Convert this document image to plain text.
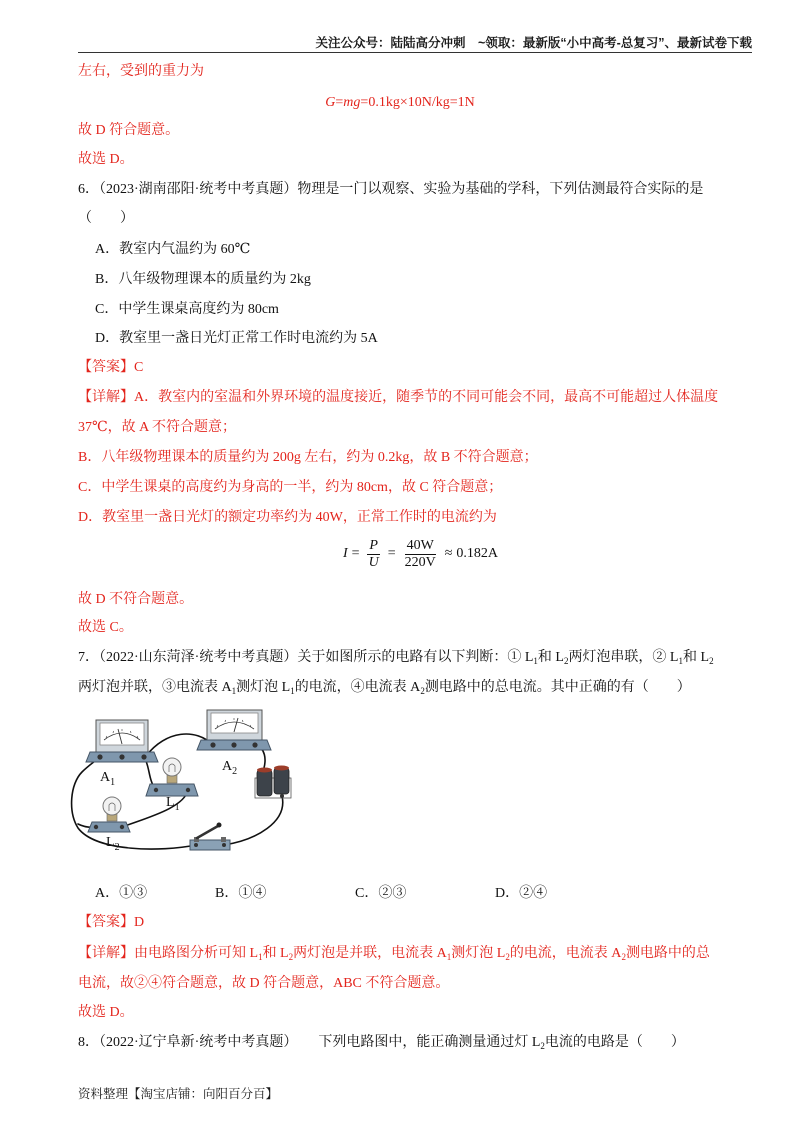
关注公众号：陆陆高分冲刺　~领取：最新版“小中高考-总复习”、最新试卷下载
左右，受到的重力为
G=mg=0.1kg×10N/kg=1N
故 D 符合题意。
故选 D。
6．（2023·湖南邵阳·统考中考真题）物理是一门以观察、实验为基础的学科，下列估测最符合实际的是
（　　）
A．教室内气温约为 60℃
B．八年级物理课本的质量约为 2kg
C．中学生课桌高度约为 80cm
D．教室里一盏日光灯正常工作时电流约为 5A
【答案】C
【详解】A．教室内的室温和外界环境的温度接近，随季节的不同可能会不同，最高不可能超过人体温度
37℃，故 A 不符合题意；
B．八年级物理课本的质量约为 200g 左右，约为 0.2kg，故 B 不符合题意；
C．中学生课桌的高度约为身高的一半，约为 80cm，故 C 符合题意；
D．教室里一盏日光灯的额定功率约为 40W，正常工作时的电流约为
$I = \frac{P}{U} = \frac{40W}{220V} \approx 0.182A$
故 D 不符合题意。
故选 C。
7．（2022·山东菏泽·统考中考真题）关于如图所示的电路有以下判断：① $L_1$和 $L_2$两灯泡串联，② $L_1$和 $L_2$
两灯泡并联，③电流表 $A_1$测灯泡 $L_1$的电流，④电流表 $A_2$测电路中的总电流。其中正确的有（　　）
$A_1$
$A_2$
$L_1$
$L_2$
A．①③	B．①④	C．②③	D．②④
【答案】D
【详解】由电路图分析可知 $L_1$和 $L_2$两灯泡是并联，电流表 $A_1$测灯泡 $L_2$的电流，电流表 $A_2$测电路中的总
电流，故②④符合题意，故 D 符合题意，ABC 不符合题意。
故选 D。
8．（2022·辽宁阜新·统考中考真题）　　下列电路图中，能正确测量通过灯 $L_2$电流的电路是（　　）
资料整理【淘宝店铺：向阳百分百】
